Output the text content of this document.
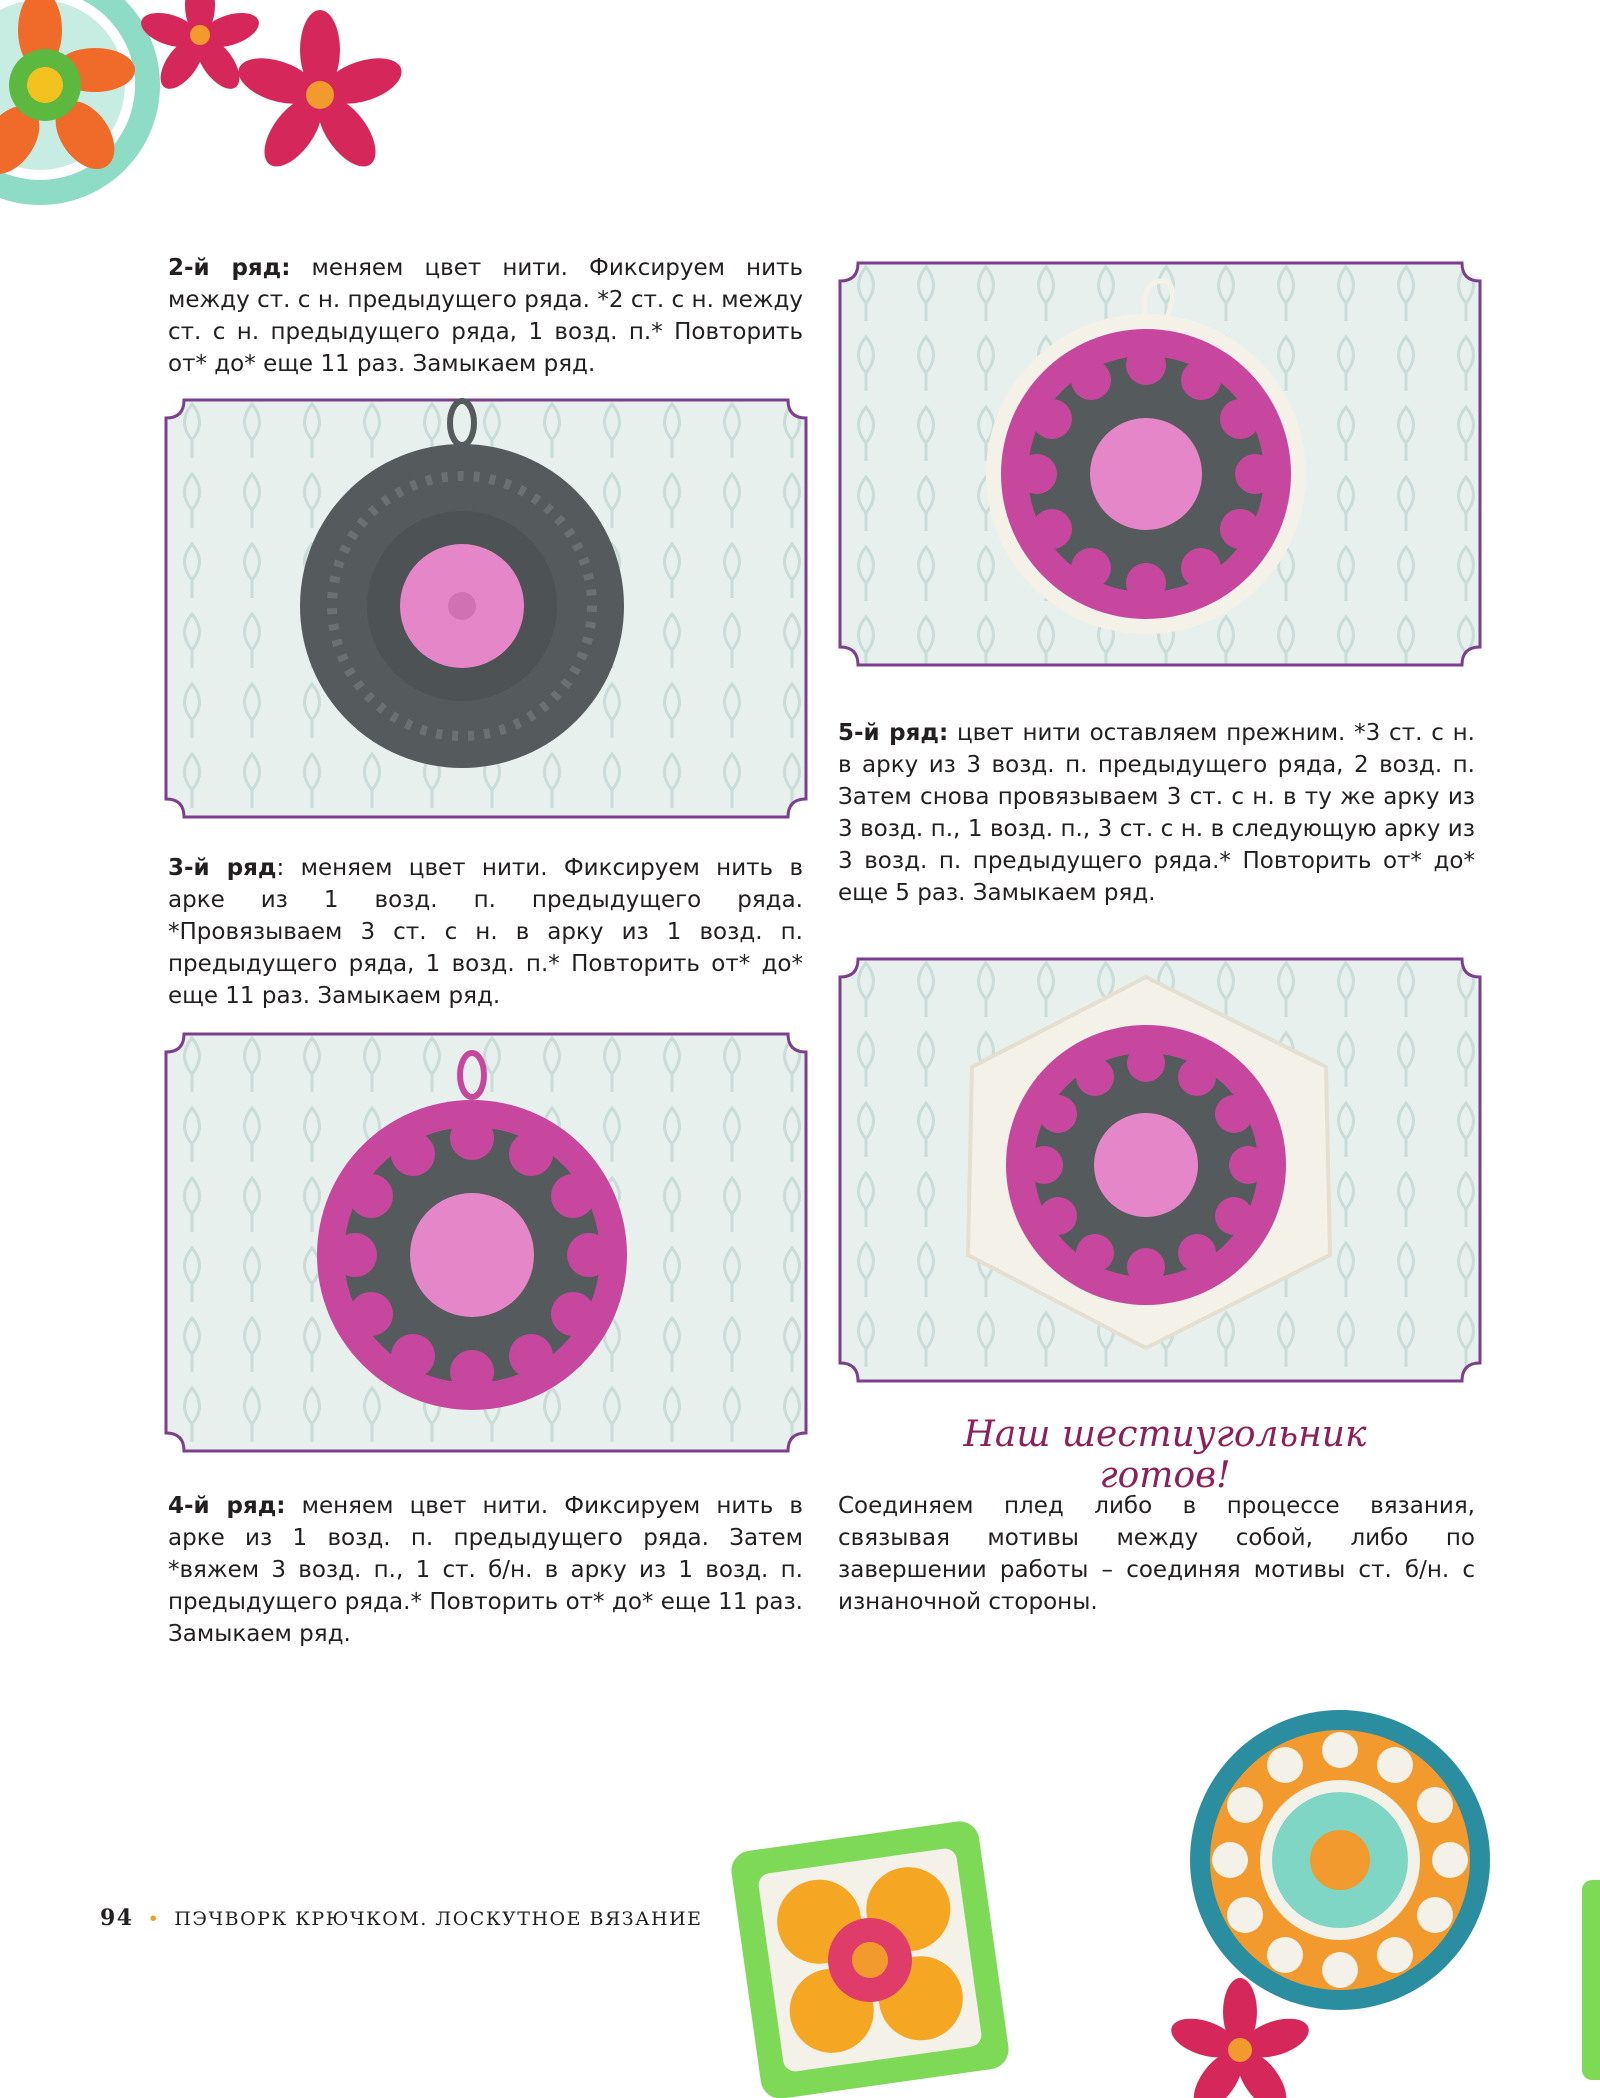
2-й ряд: меняем цвет нити. Фиксируем нить между ст. с н. предыдущего ряда. *2 ст. с н. между ст. с н. предыдущего ряда, 1 возд. п.* Повторить от* до* еще 11 раз. Замыкаем ряд.

3-й ряд: меняем цвет нити. Фиксируем нить в арке из 1 возд. п. предыдущего ряда. *Провязываем 3 ст. с н. в арку из 1 возд. п. предыдущего ряда, 1 возд. п.* Повторить от* до* еще 11 раз. Замыкаем ряд.

4-й ряд: меняем цвет нити. Фиксируем нить в арке из 1 возд. п. предыдущего ряда. Затем *вяжем 3 возд. п., 1 ст. б/н. в арку из 1 возд. п. предыдущего ряда.* Повторить от* до* еще 11 раз. Замыкаем ряд.

5-й ряд: цвет нити оставляем прежним. *3 ст. с н. в арку из 3 возд. п. предыдущего ряда, 2 возд. п. Затем снова провязываем 3 ст. с н. в ту же арку из 3 возд. п., 1 возд. п., 3 ст. с н. в следующую арку из 3 возд. п. предыдущего ряда.* Повторить от* до* еще 5 раз. Замыкаем ряд.

Наш шестиугольник готов!

Соединяем плед либо в процессе вязания, связывая мотивы между собой, либо по завершении работы – соединяя мотивы ст. б/н. с изнаночной стороны.

94 • ПЭЧВОРК КРЮЧКОМ. ЛОСКУТНОЕ ВЯЗАНИЕ
